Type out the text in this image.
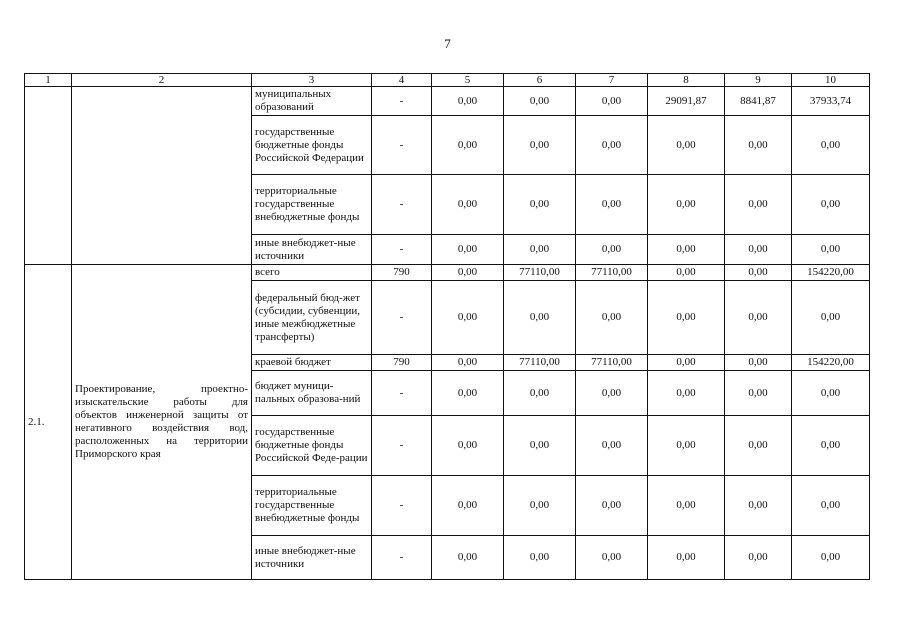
7
1	2	3	4	5	6	7	8	9	10
		муниципальных образований	-	0,00	0,00	0,00	29091,87	8841,87	37933,74
		государственные бюджетные фонды Российской Федерации	-	0,00	0,00	0,00	0,00	0,00	0,00
		территориальные государственные внебюджетные фонды	-	0,00	0,00	0,00	0,00	0,00	0,00
		иные внебюджет-ные источники	-	0,00	0,00	0,00	0,00	0,00	0,00
2.1.	Проектирование, проектно-изыскательские работы для объектов инженерной защиты от негативного воздействия вод, расположенных на территории Приморского края	всего	790	0,00	77110,00	77110,00	0,00	0,00	154220,00
		федеральный бюд-жет (субсидии, субвенции, иные межбюджетные трансферты)	-	0,00	0,00	0,00	0,00	0,00	0,00
		краевой бюджет	790	0,00	77110,00	77110,00	0,00	0,00	154220,00
		бюджет муници-пальных образова-ний	-	0,00	0,00	0,00	0,00	0,00	0,00
		государственные бюджетные фонды Российской Феде-рации	-	0,00	0,00	0,00	0,00	0,00	0,00
		территориальные государственные внебюджетные фонды	-	0,00	0,00	0,00	0,00	0,00	0,00
		иные внебюджет-ные источники	-	0,00	0,00	0,00	0,00	0,00	0,00
